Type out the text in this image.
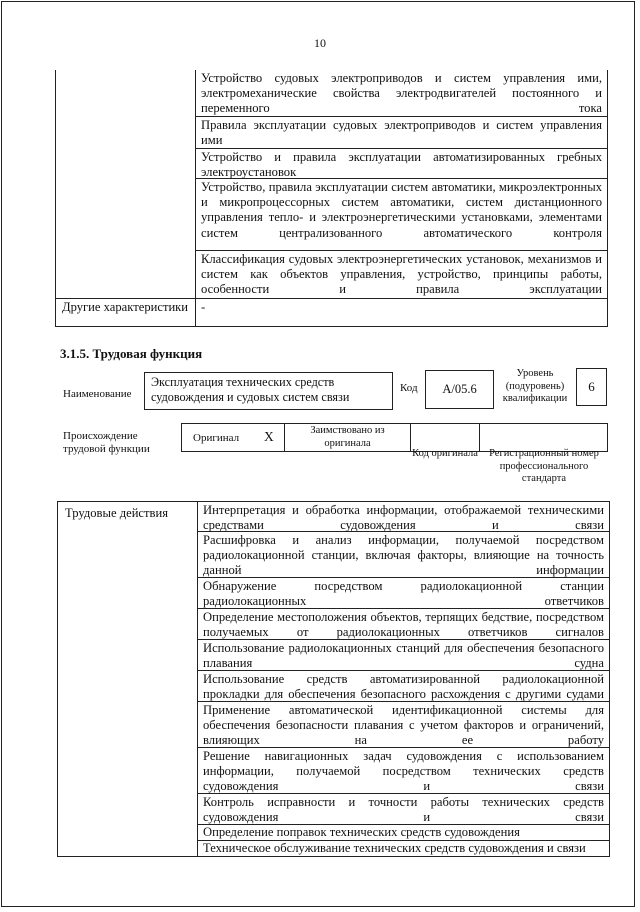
10
Устройство судовых электроприводов и систем управления ими, электромеханические свойства электродвигателей постоянного и переменного тока
Правила эксплуатации судовых электроприводов и систем управления ими
Устройство и правила эксплуатации автоматизированных гребных электроустановок
Устройство, правила эксплуатации систем автоматики, микроэлектронных и микропроцессорных систем автоматики, систем дистанционного управления тепло- и электроэнергетическими установками, элементами систем централизованного автоматического контроля
Классификация судовых электроэнергетических установок, механизмов и систем как объектов управления, устройство, принципы работы, особенности и правила эксплуатации
Другие характеристики	-
3.1.5. Трудовая функция
Наименование
Эксплуатация технических средств судовождения и судовых систем связи
Код	A/05.6
Уровень (подуровень) квалификации
6
Происхождение трудовой функции
Оригинал X	Заимствовано из оригинала
Код оригинала	Регистрационный номер профессионального стандарта
Трудовые действия	Интерпретация и обработка информации, отображаемой техническими средствами судовождения и связи
Расшифровка и анализ информации, получаемой посредством радиолокационной станции, включая факторы, влияющие на точность данной информации
Обнаружение посредством радиолокационной станции радиолокационных ответчиков
Определение местоположения объектов, терпящих бедствие, посредством получаемых от радиолокационных ответчиков сигналов
Использование радиолокационных станций для обеспечения безопасного плавания судна
Использование средств автоматизированной радиолокационной прокладки для обеспечения безопасного расхождения с другими судами
Применение автоматической идентификационной системы для обеспечения безопасности плавания с учетом факторов и ограничений, влияющих на ее работу
Решение навигационных задач судовождения с использованием информации, получаемой посредством технических средств судовождения и связи
Контроль исправности и точности работы технических средств судовождения и связи
Определение поправок технических средств судовождения
Техническое обслуживание технических средств судовождения и связи
